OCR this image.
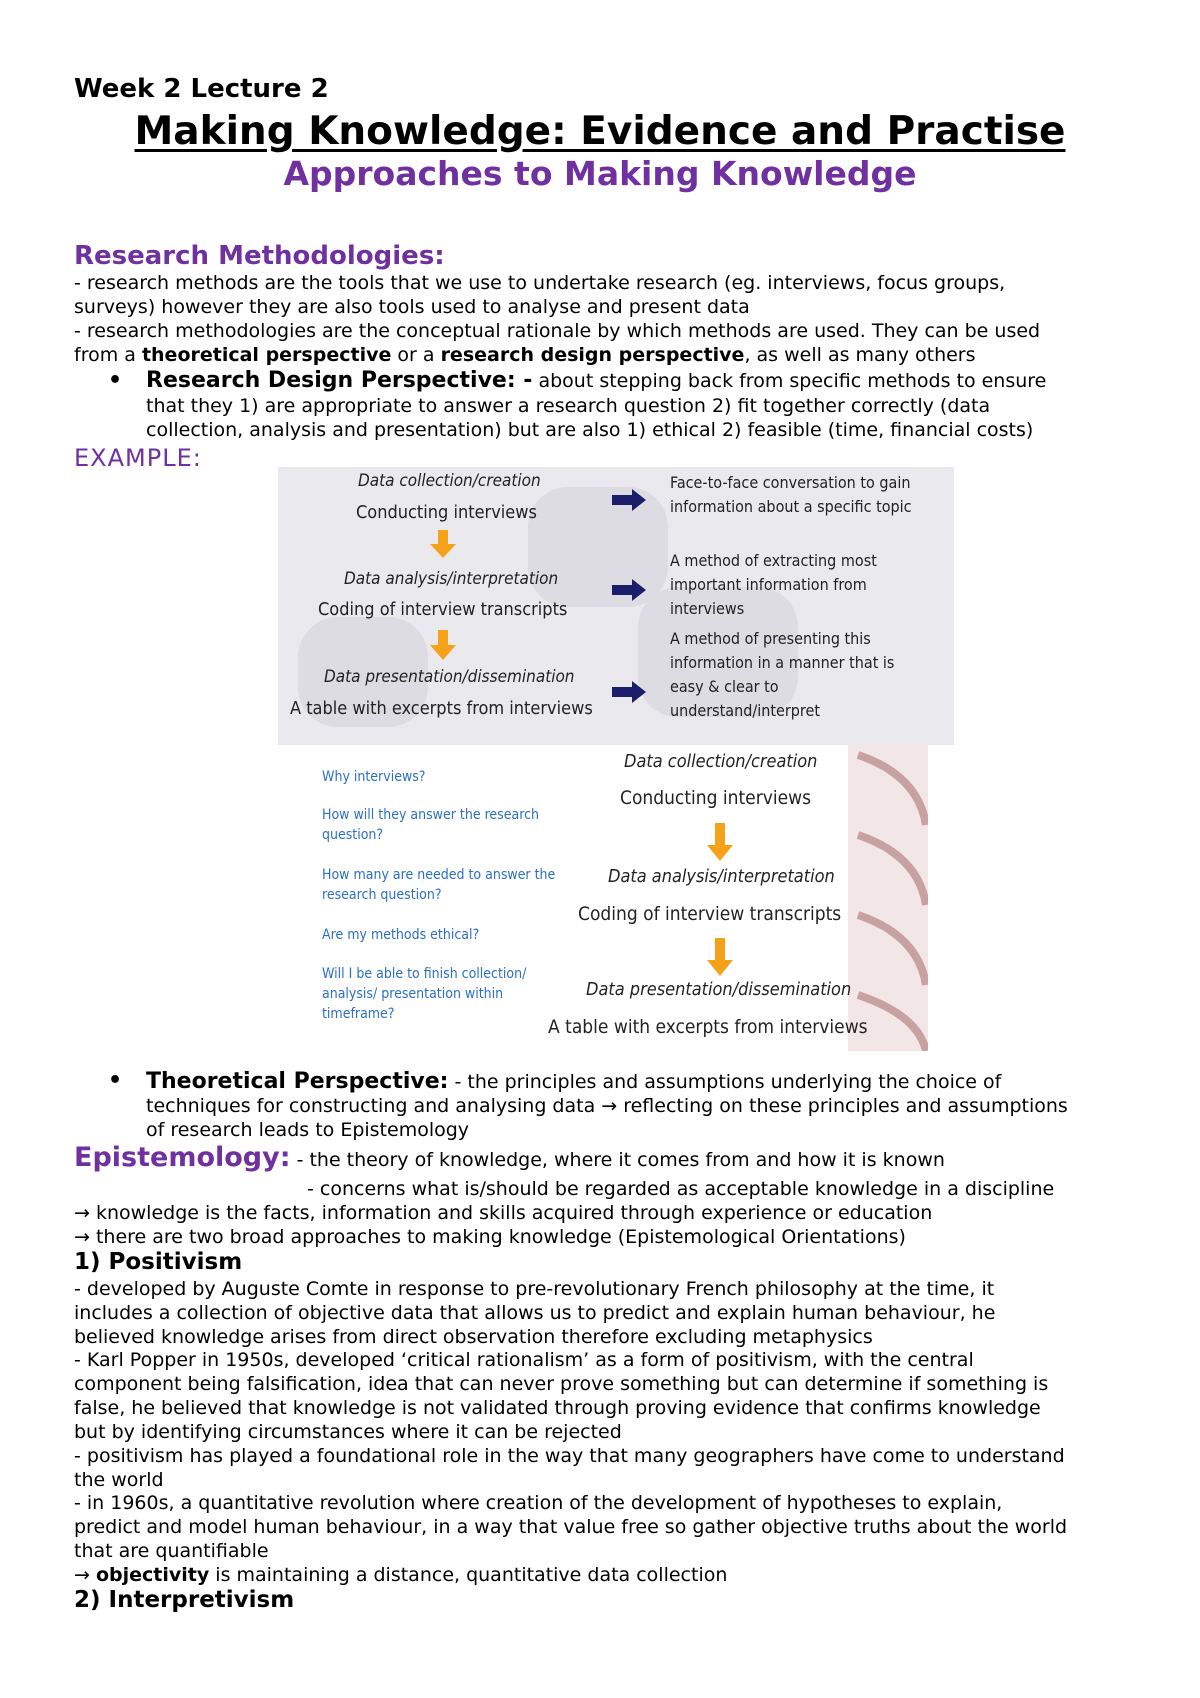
Week 2 Lecture 2

Making Knowledge: Evidence and Practise

Approaches to Making Knowledge

Research Methodologies:

- research methods are the tools that we use to undertake research (eg. interviews, focus groups,

surveys) however they are also tools used to analyse and present data

- research methodologies are the conceptual rationale by which methods are used. They can be used

from a theoretical perspective or a research design perspective, as well as many others

• Research Design Perspective: - about stepping back from specific methods to ensure

that they 1) are appropriate to answer a research question 2) fit together correctly (data

collection, analysis and presentation) but are also 1) ethical 2) feasible (time, financial costs)

EXAMPLE:

Data collection/creation
Conducting interviews
Data analysis/interpretation
Coding of interview transcripts
Data presentation/dissemination
A table with excerpts from interviews
Face-to-face conversation to gain
information about a specific topic
A method of extracting most
important information from
interviews
A method of presenting this
information in a manner that is
easy & clear to
understand/interpret
Why interviews?
How will they answer the research
question?
How many are needed to answer the
research question?
Are my methods ethical?
Will I be able to finish collection/
analysis/ presentation within
timeframe?
Data collection/creation
Conducting interviews
Data analysis/interpretation
Coding of interview transcripts
Data presentation/dissemination
A table with excerpts from interviews
• Theoretical Perspective: - the principles and assumptions underlying the choice of

techniques for constructing and analysing data → reflecting on these principles and assumptions

of research leads to Epistemology

Epistemology: - the theory of knowledge, where it comes from and how it is known

- concerns what is/should be regarded as acceptable knowledge in a discipline

→ knowledge is the facts, information and skills acquired through experience or education

→ there are two broad approaches to making knowledge (Epistemological Orientations)

1) Positivism

- developed by Auguste Comte in response to pre-revolutionary French philosophy at the time, it

includes a collection of objective data that allows us to predict and explain human behaviour, he

believed knowledge arises from direct observation therefore excluding metaphysics

- Karl Popper in 1950s, developed ‘critical rationalism’ as a form of positivism, with the central

component being falsification, idea that can never prove something but can determine if something is

false, he believed that knowledge is not validated through proving evidence that confirms knowledge

but by identifying circumstances where it can be rejected

- positivism has played a foundational role in the way that many geographers have come to understand

the world

- in 1960s, a quantitative revolution where creation of the development of hypotheses to explain,

predict and model human behaviour, in a way that value free so gather objective truths about the world

that are quantifiable

→ objectivity is maintaining a distance, quantitative data collection

2) Interpretivism
